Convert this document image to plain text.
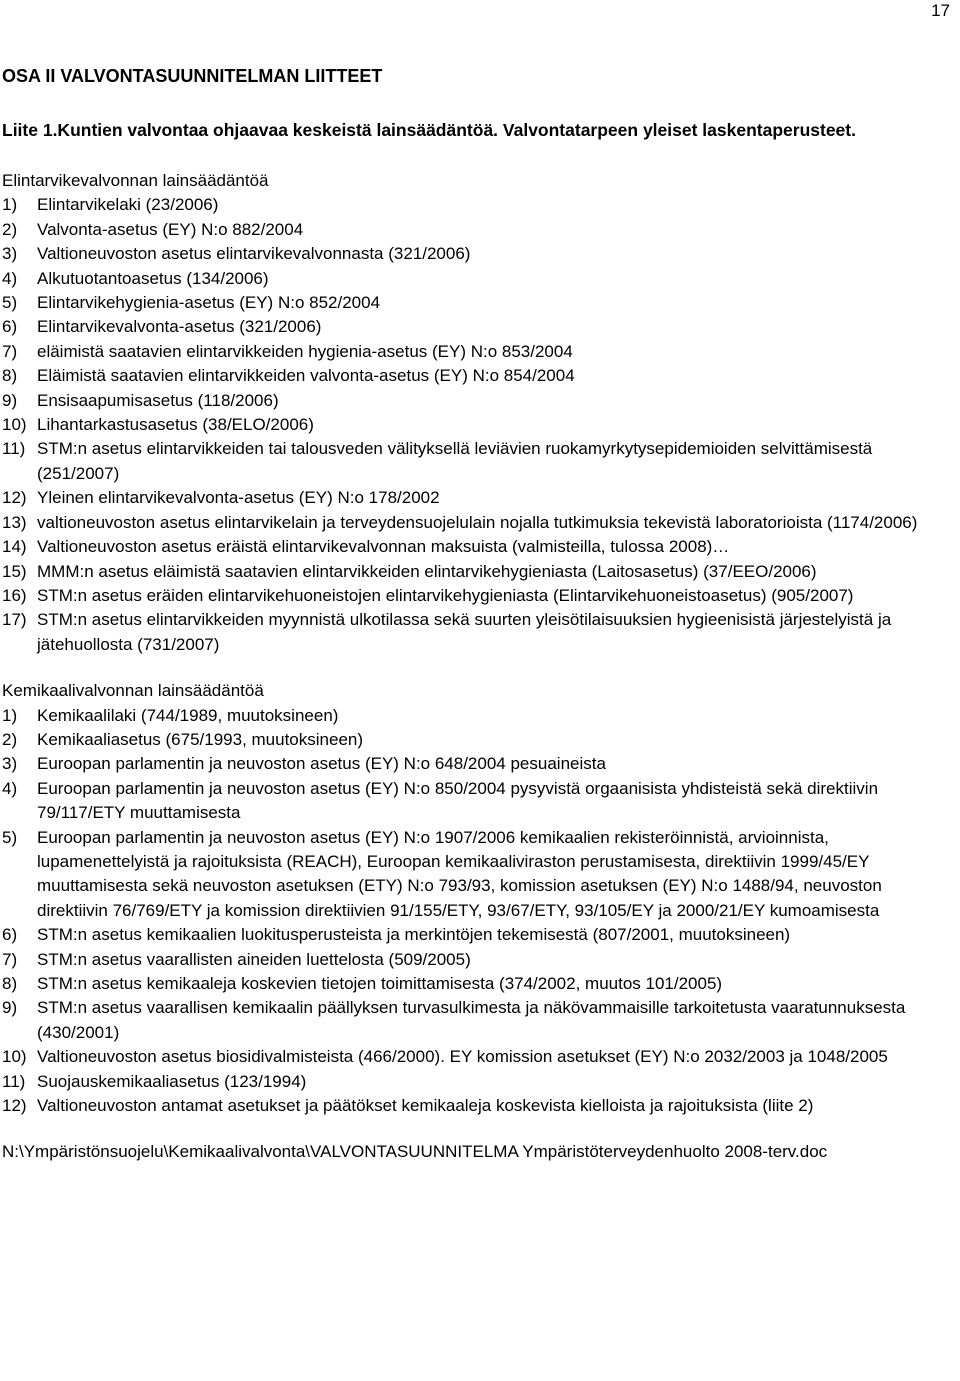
17
OSA II VALVONTASUUNNITELMAN LIITTEET
Liite 1.Kuntien valvontaa ohjaavaa keskeistä lainsäädäntöä. Valvontatarpeen yleiset laskentaperusteet.

Elintarvikevalvonnan lainsäädäntöä

1)	Elintarvikelaki (23/2006)
2)	Valvonta-asetus (EY) N:o 882/2004
3)	Valtioneuvoston asetus elintarvikevalvonnasta (321/2006)
4)	Alkutuotantoasetus (134/2006)
5)	Elintarvikehygienia-asetus (EY) N:o 852/2004
6)	Elintarvikevalvonta-asetus (321/2006)
7)	eläimistä saatavien elintarvikkeiden hygienia-asetus (EY) N:o 853/2004
8)	Eläimistä saatavien elintarvikkeiden valvonta-asetus (EY) N:o 854/2004
9)	Ensisaapumisasetus (118/2006)
10) Lihantarkastusasetus (38/ELO/2006)
11) STM:n asetus elintarvikkeiden tai talousveden välityksellä leviävien ruokamyrkytysepidemioiden selvittämisestä (251/2007)
12) Yleinen elintarvikevalvonta-asetus (EY) N:o 178/2002
13) valtioneuvoston asetus elintarvikelain ja terveydensuojelulain nojalla tutkimuksia tekevistä laboratorioista (1174/2006)
14) Valtioneuvoston asetus eräistä elintarvikevalvonnan maksuista (valmisteilla, tulossa 2008)…
15) MMM:n asetus eläimistä saatavien elintarvikkeiden elintarvikehygieniasta (Laitosasetus) (37/EEO/2006)
16) STM:n asetus eräiden elintarvikehuoneistojen elintarvikehygieniasta (Elintarvikehuoneistoasetus) (905/2007)
17) STM:n asetus elintarvikkeiden myynnistä ulkotilassa sekä suurten yleisötilaisuuksien hygieenisistä järjestelyistä ja jätehuollosta (731/2007)

Kemikaalivalvonnan lainsäädäntöä

1)	Kemikaalilaki (744/1989, muutoksineen)
2)	Kemikaaliasetus (675/1993, muutoksineen)
3)	Euroopan parlamentin ja neuvoston asetus (EY) N:o 648/2004 pesuaineista
4)	Euroopan parlamentin ja neuvoston asetus (EY) N:o 850/2004 pysyvistä orgaanisista yhdisteistä sekä direktiivin 79/117/ETY muuttamisesta
5)	Euroopan parlamentin ja neuvoston asetus (EY) N:o 1907/2006 kemikaalien rekisteröinnistä, arvioinnista, lupamenettelyistä ja rajoituksista (REACH), Euroopan kemikaaliviraston perustamisesta, direktiivin 1999/45/EY muuttamisesta sekä neuvoston asetuksen (ETY) N:o 793/93, komission asetuksen (EY) N:o 1488/94, neuvoston direktiivin 76/769/ETY ja komission direktiivien 91/155/ETY, 93/67/ETY, 93/105/EY ja 2000/21/EY kumoamisesta
6)	STM:n asetus kemikaalien luokitusperusteista ja merkintöjen tekemisestä (807/2001, muutoksineen)
7)	STM:n asetus vaarallisten aineiden luettelosta (509/2005)
8)	STM:n asetus kemikaaleja koskevien tietojen toimittamisesta (374/2002, muutos 101/2005)
9)	STM:n asetus vaarallisen kemikaalin päällyksen turvasulkimesta ja näkövammaisille tarkoitetusta vaaratunnuksesta (430/2001)
10) Valtioneuvoston asetus biosidivalmisteista (466/2000). EY komission asetukset (EY) N:o 2032/2003 ja 1048/2005
11) Suojauskemikaaliasetus (123/1994)
12) Valtioneuvoston antamat asetukset ja päätökset kemikaaleja koskevista kielloista ja rajoituksista (liite 2)
N:\Ympäristönsuojelu\Kemikaalivalvonta\VALVONTASUUNNITELMA Ympäristöterveydenhuolto 2008-terv.doc
